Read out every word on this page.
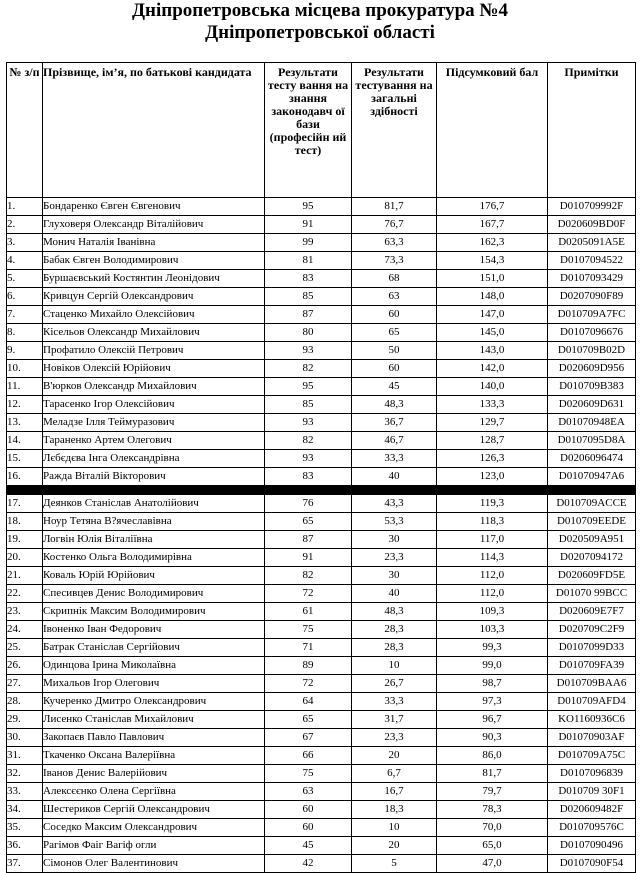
Дніпропетровська місцева прокуратура №4
Дніпропетровської області
№ з/п	Прізвище, ім’я, по батькові кандидата	Результати тесту вання на знання законодавч ої бази (професійн ий тест)	Результати тестування на загальні здібності	Підсумковий бал	Примітки
1.	Бондаренко Євген Євгенович	95	81,7	176,7	D010709992F
2.	Глуховеря Олександр Віталійович	91	76,7	167,7	D020609BD0F
3.	Монич Наталія Іванівна	99	63,3	162,3	D0205091A5E
4.	Бабак Євген Володимирович	81	73,3	154,3	D0107094522
5.	Буршаєвський Костянтин Леонідович	83	68	151,0	D0107093429
6.	Кривцун Сергій Олександрович	85	63	148,0	D0207090F89
7.	Стаценко Михайло Олексійович	87	60	147,0	D010709A7FC
8.	Кісельов Олександр Михайлович	80	65	145,0	D0107096676
9.	Профатило Олексій Петрович	93	50	143,0	D010709B02D
10.	Новіков Олексій Юрійович	82	60	142,0	D020609D956
11.	В'юрков Олександр Михайлович	95	45	140,0	D010709B383
12.	Тарасенко Ігор Олексійович	85	48,3	133,3	D020609D631
13.	Меладзе Ілля Теймуразович	93	36,7	129,7	D01070948EA
14.	Тараненко Артем Олегович	82	46,7	128,7	D0107095D8A
15.	Лєбєдєва Інга Олександрівна	93	33,3	126,3	D0206096474
16.	Ражда Віталій Вікторович	83	40	123,0	D01070947A6

17.	Деянков Станіслав Анатолійович	76	43,3	119,3	D010709ACCE
18.	Ноур Тетяна В?ячеславівна	65	53,3	118,3	D010709EEDE
19.	Логвін Юлія Віталіївна	87	30	117,0	D020509A951
20.	Костенко Ольга Володимирівна	91	23,3	114,3	D0207094172
21.	Коваль Юрій Юрійович	82	30	112,0	D020609FD5E
22.	Спесивцев Денис Володимирович	72	40	112,0	D01070 99BCC
23.	Скрипнік Максим Володимирович	61	48,3	109,3	D020609E7F7
24.	Івоненко Іван Федорович	75	28,3	103,3	D020709C2F9
25.	Батрак Станіслав Сергійович	71	28,3	99,3	D0107099D33
26.	Одинцова Ірина Миколаївна	89	10	99,0	D010709FA39
27.	Михальов Ігор Олегович	72	26,7	98,7	D010709BAA6
28.	Кучеренко Дмитро Олександрович	64	33,3	97,3	D010709AFD4
29.	Лисенко Станіслав Михайлович	65	31,7	96,7	KO1160936C6
30.	Закопаєв Павло Павлович	67	23,3	90,3	D01070903AF
31.	Ткаченко Оксана Валеріївна	66	20	86,0	D010709A75C
32.	Іванов Денис Валерійович	75	6,7	81,7	D0107096839
33.	Алексєєнко Олена Сергіївна	63	16,7	79,7	D010709 30F1
34.	Шестериков Сергій Олександрович	60	18,3	78,3	D020609482F
35.	Соседко Максим Олександрович	60	10	70,0	D010709576C
36.	Рагімов Фаіг Вагіф огли	45	20	65,0	D0107090496
37.	Сімонов Олег Валентинович	42	5	47,0	D0107090F54
